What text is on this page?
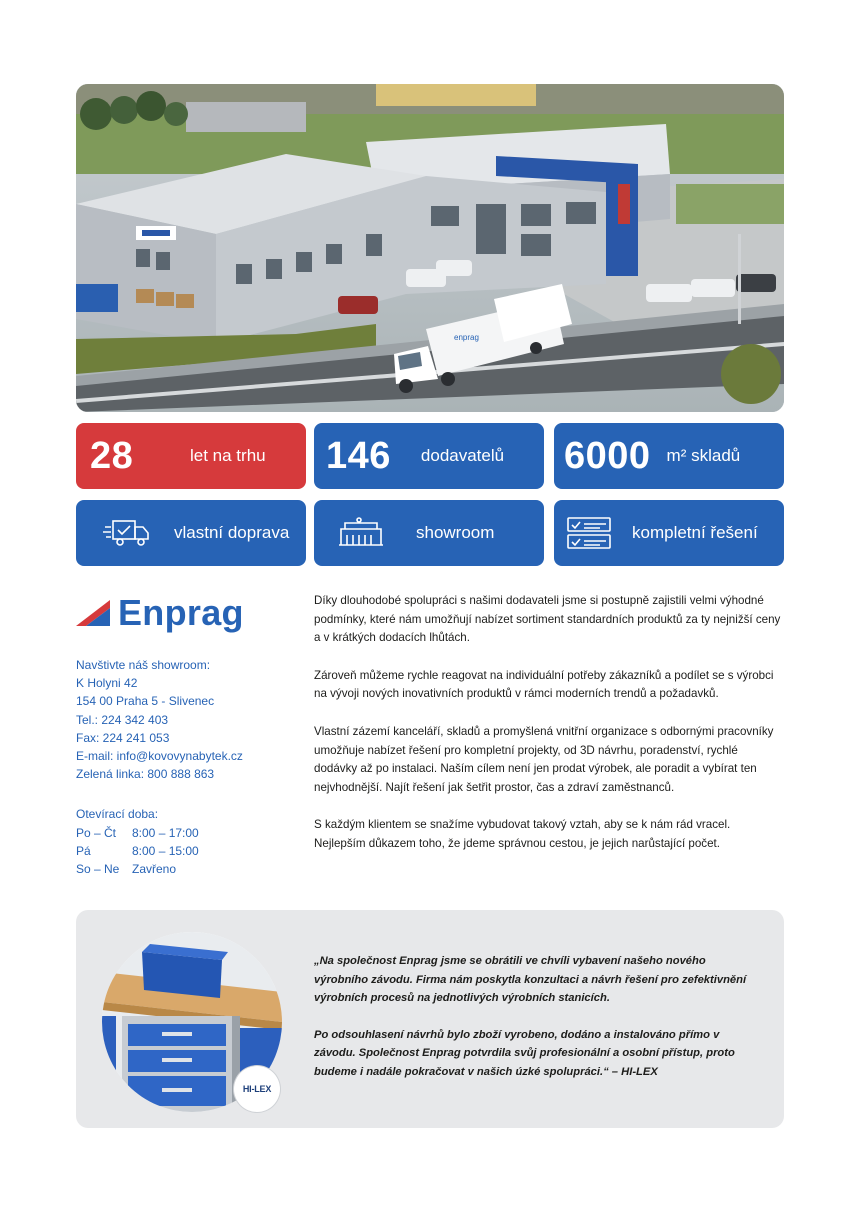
enprag
28	let na trhu 146 dodavatelů 6000 m² skladů
vlastní doprava	showroom	kompletní řešení
Enprag
Navštivte náš showroom:
K Holyni 42
154 00 Praha 5 - Slivenec
Tel.: 224 342 403
Fax: 224 241 053
E-mail: info@kovovynabytek.cz
Zelená linka: 800 888 863
Otevírací doba:
Po – Čt	8:00 – 17:00
Pá	8:00 – 15:00
So – Ne	Zavřeno

Díky dlouhodobé spolupráci s našimi dodavateli jsme si postupně zajistili velmi výhodné podmínky, které nám umožňují nabízet sortiment standardních produktů za ty nejnižší ceny a v krátkých dodacích lhůtách.

Zároveň můžeme rychle reagovat na individuální potřeby zákazníků a podílet se s výrobci na vývoji nových inovativních produktů v rámci moderních trendů a požadavků.

Vlastní zázemí kanceláří, skladů a promyšlená vnitřní organizace s odbornými pracovníky umožňuje nabízet řešení pro kompletní projekty, od 3D návrhu, poradenství, rychlé dodávky až po instalaci. Naším cílem není jen prodat výrobek, ale poradit a vybírat ten nejvhodnější. Najít řešení jak šetřit prostor, čas a zdraví zaměstnanců.

S každým klientem se snažíme vybudovat takový vztah, aby se k nám rád vracel. Nejlepším důkazem toho, že jdeme správnou cestou, je jejich narůstající počet.

HI-LEX

„Na společnost Enprag jsme se obrátili ve chvíli vybavení našeho nového výrobního závodu. Firma nám poskytla konzultaci a návrh řešení pro zefektivnění výrobních procesů na jednotlivých výrobních stanicích.

Po odsouhlasení návrhů bylo zboží vyrobeno, dodáno a instalováno přímo v závodu. Společnost Enprag potvrdila svůj profesionální a osobní přístup, proto budeme i nadále pokračovat v našich úzké spolupráci.“ – HI-LEX
